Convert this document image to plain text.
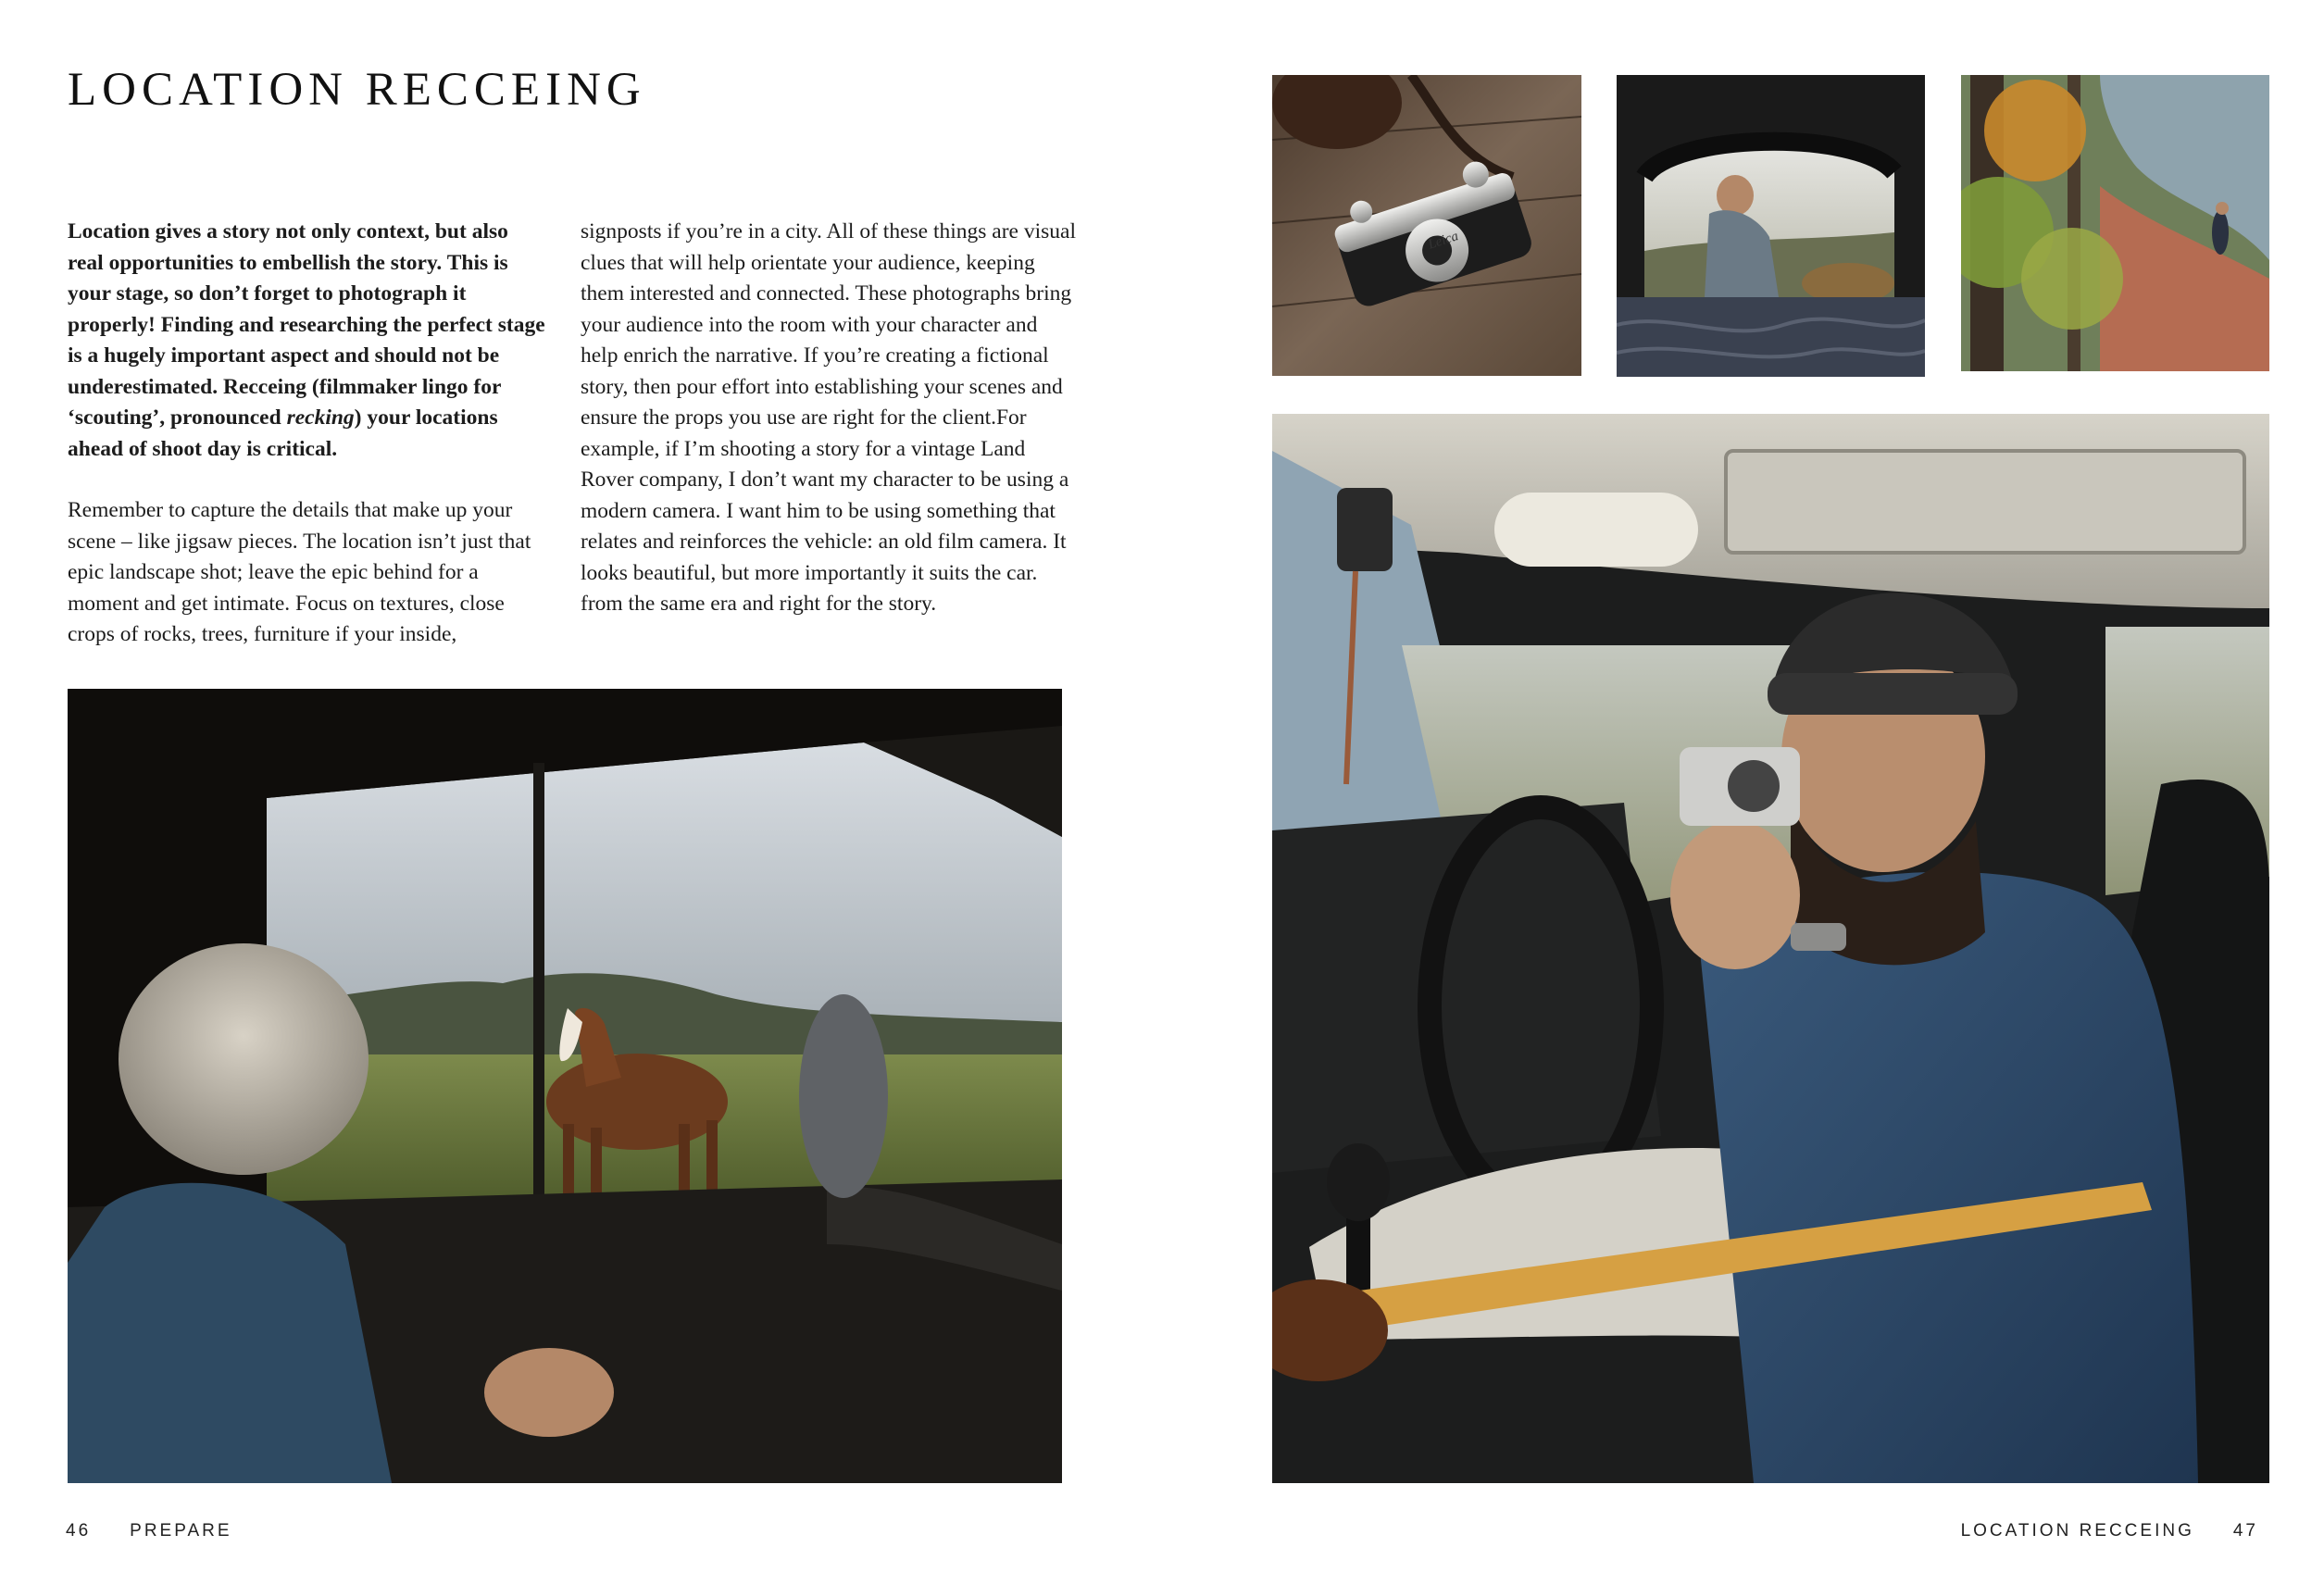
LOCATION RECCEING

Location gives a story not only context, but also real opportunities to embellish the story. This is your stage, so don’t forget to photograph it properly! Finding and researching the perfect stage is a hugely important aspect and should not be underestimated. Recceing (filmmaker lingo for ‘scouting’, pronounced recking) your locations ahead of shoot day is critical.

Remember to capture the details that make up your scene – like jigsaw pieces. The location isn’t just that epic landscape shot; leave the epic behind for a moment and get intimate. Focus on textures, close crops of rocks, trees, furniture if your inside,

signposts if you’re in a city. All of these things are visual clues that will help orientate your audience, keeping them interested and connected. These photographs bring your audience into the room with your character and help enrich the narrative. If you’re creating a fictional story, then pour effort into establishing your scenes and ensure the props you use are right for the client.For example, if I’m shooting a story for a vintage Land Rover company, I don’t want my character to be using a modern camera. I want him to be using something that relates and reinforces the vehicle: an old film camera. It looks beautiful, but more importantly it suits the car. from the same era and right for the story.

Leica

46 PREPARE	LOCATION RECCEING 47
